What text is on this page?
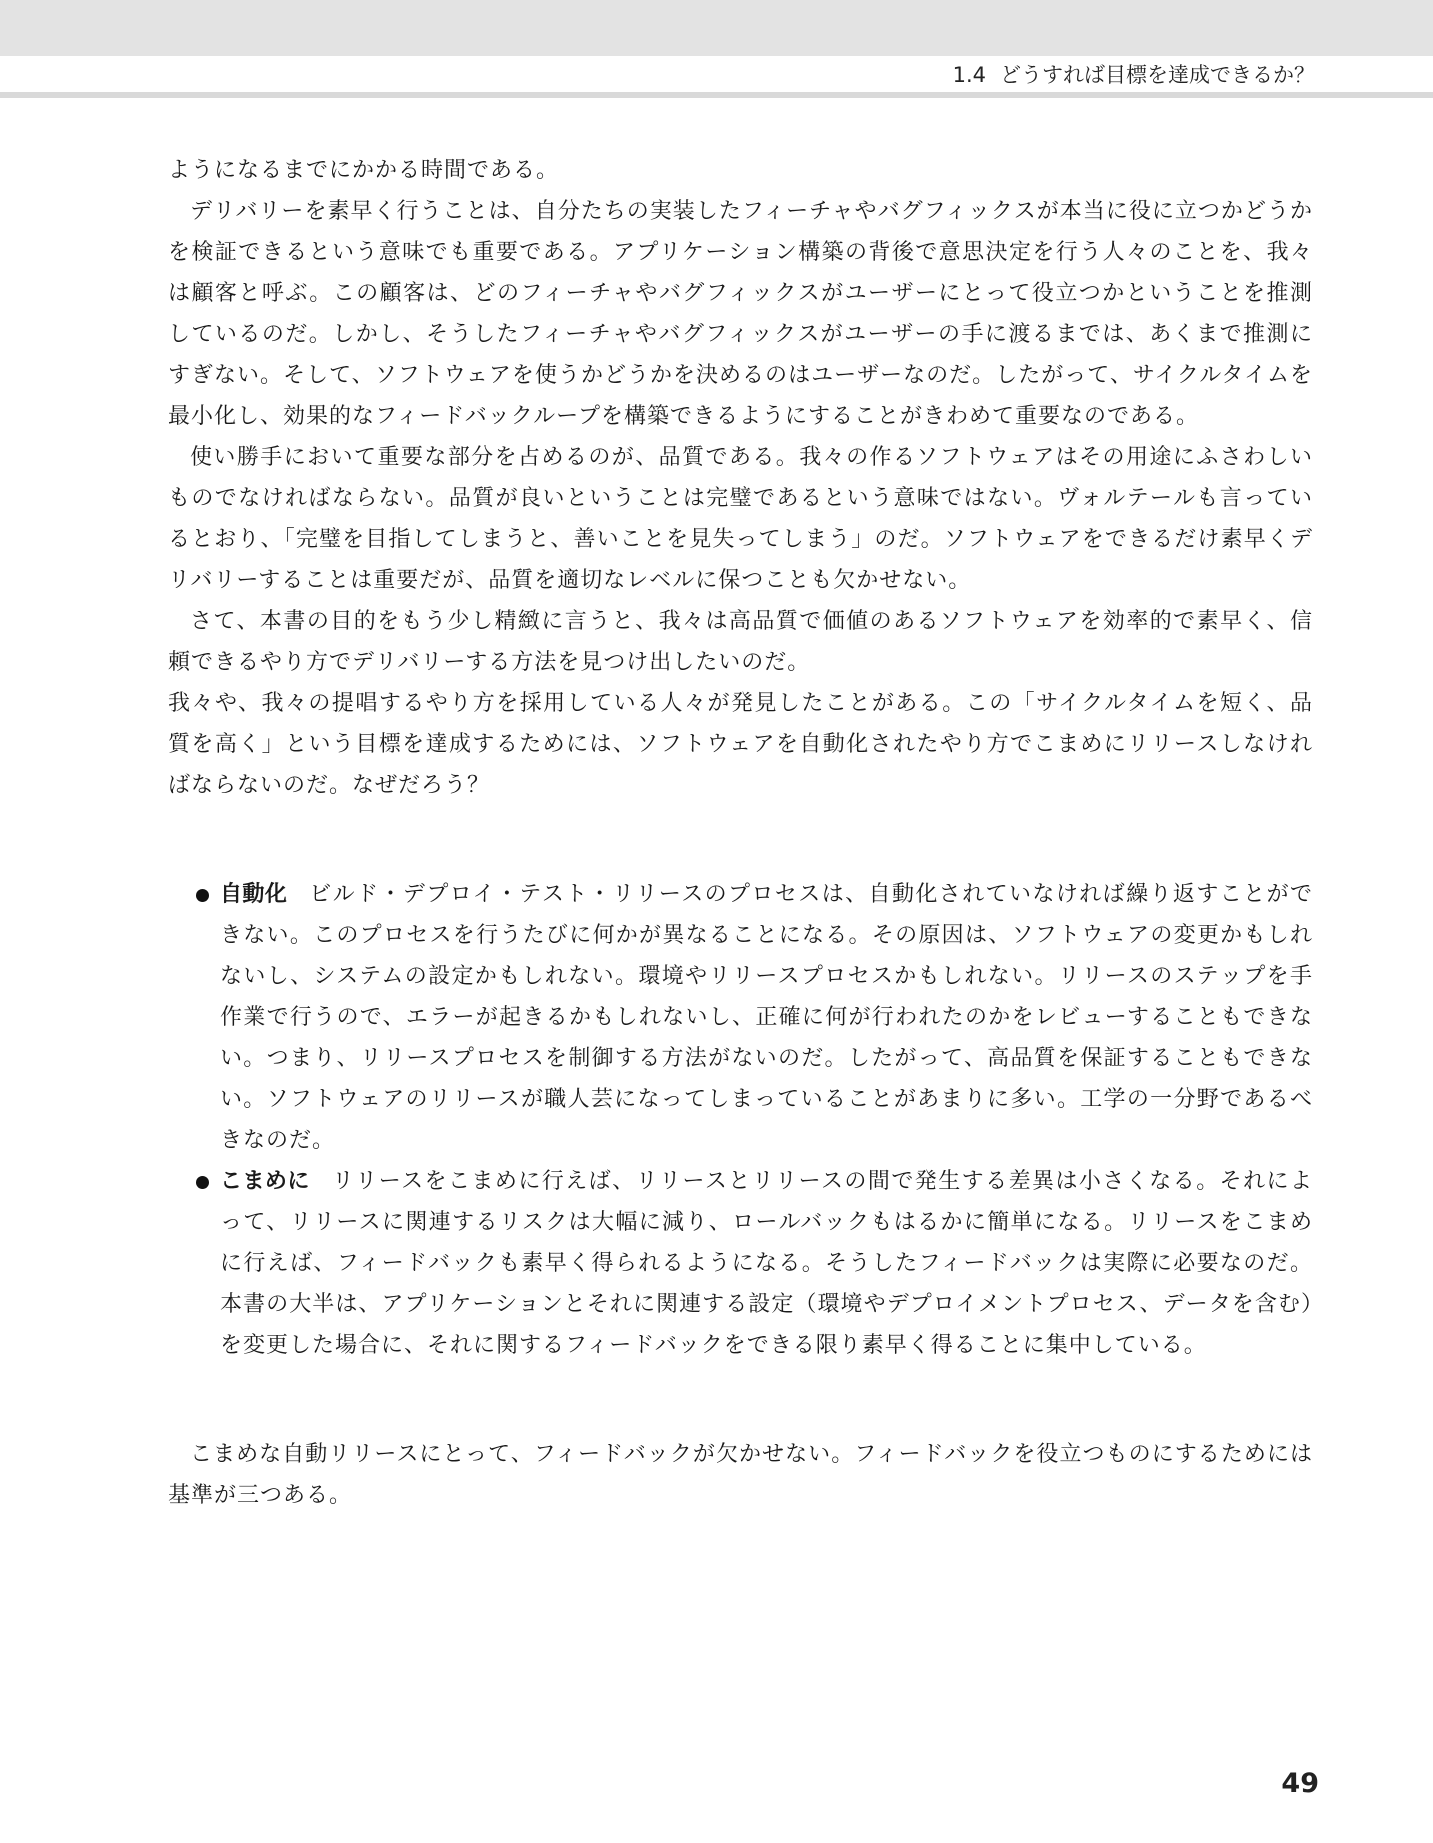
1.4 どうすれば目標を達成できるか？

ようになるまでにかかる時間である。

デリバリーを素早く行うことは、自分たちの実装したフィーチャやバグフィックスが本当に役に立つかどうかを検証できるという意味でも重要である。アプリケーション構築の背後で意思決定を行う人々のことを、我々は顧客と呼ぶ。この顧客は、どのフィーチャやバグフィックスがユーザーにとって役立つかということを推測しているのだ。しかし、そうしたフィーチャやバグフィックスがユーザーの手に渡るまでは、あくまで推測にすぎない。そして、ソフトウェアを使うかどうかを決めるのはユーザーなのだ。したがって、サイクルタイムを最小化し、効果的なフィードバックループを構築できるようにすることがきわめて重要なのである。

使い勝手において重要な部分を占めるのが、品質である。我々の作るソフトウェアはその用途にふさわしいものでなければならない。品質が良いということは完璧であるという意味ではない。ヴォルテールも言っているとおり、「完璧を目指してしまうと、善いことを見失ってしまう」のだ。ソフトウェアをできるだけ素早くデリバリーすることは重要だが、品質を適切なレベルに保つことも欠かせない。

さて、本書の目的をもう少し精緻に言うと、我々は高品質で価値のあるソフトウェアを効率的で素早く、信頼できるやり方でデリバリーする方法を見つけ出したいのだ。

我々や、我々の提唱するやり方を採用している人々が発見したことがある。この「サイクルタイムを短く、品質を高く」という目標を達成するためには、ソフトウェアを自動化されたやり方でこまめにリリースしなければならないのだ。なぜだろう？

自動化 ビルド・デプロイ・テスト・リリースのプロセスは、自動化されていなければ繰り返すことができない。このプロセスを行うたびに何かが異なることになる。その原因は、ソフトウェアの変更かもしれないし、システムの設定かもしれない。環境やリリースプロセスかもしれない。リリースのステップを手作業で行うので、エラーが起きるかもしれないし、正確に何が行われたのかをレビューすることもできない。つまり、リリースプロセスを制御する方法がないのだ。したがって、高品質を保証することもできない。ソフトウェアのリリースが職人芸になってしまっていることがあまりに多い。工学の一分野であるべきなのだ。
こまめに リリースをこまめに行えば、リリースとリリースの間で発生する差異は小さくなる。それによって、リリースに関連するリスクは大幅に減り、ロールバックもはるかに簡単になる。リリースをこまめに行えば、フィードバックも素早く得られるようになる。そうしたフィードバックは実際に必要なのだ。本書の大半は、アプリケーションとそれに関連する設定（環境やデプロイメントプロセス、データを含む）を変更した場合に、それに関するフィードバックをできる限り素早く得ることに集中している。

こまめな自動リリースにとって、フィードバックが欠かせない。フィードバックを役立つものにするためには基準が三つある。

49
